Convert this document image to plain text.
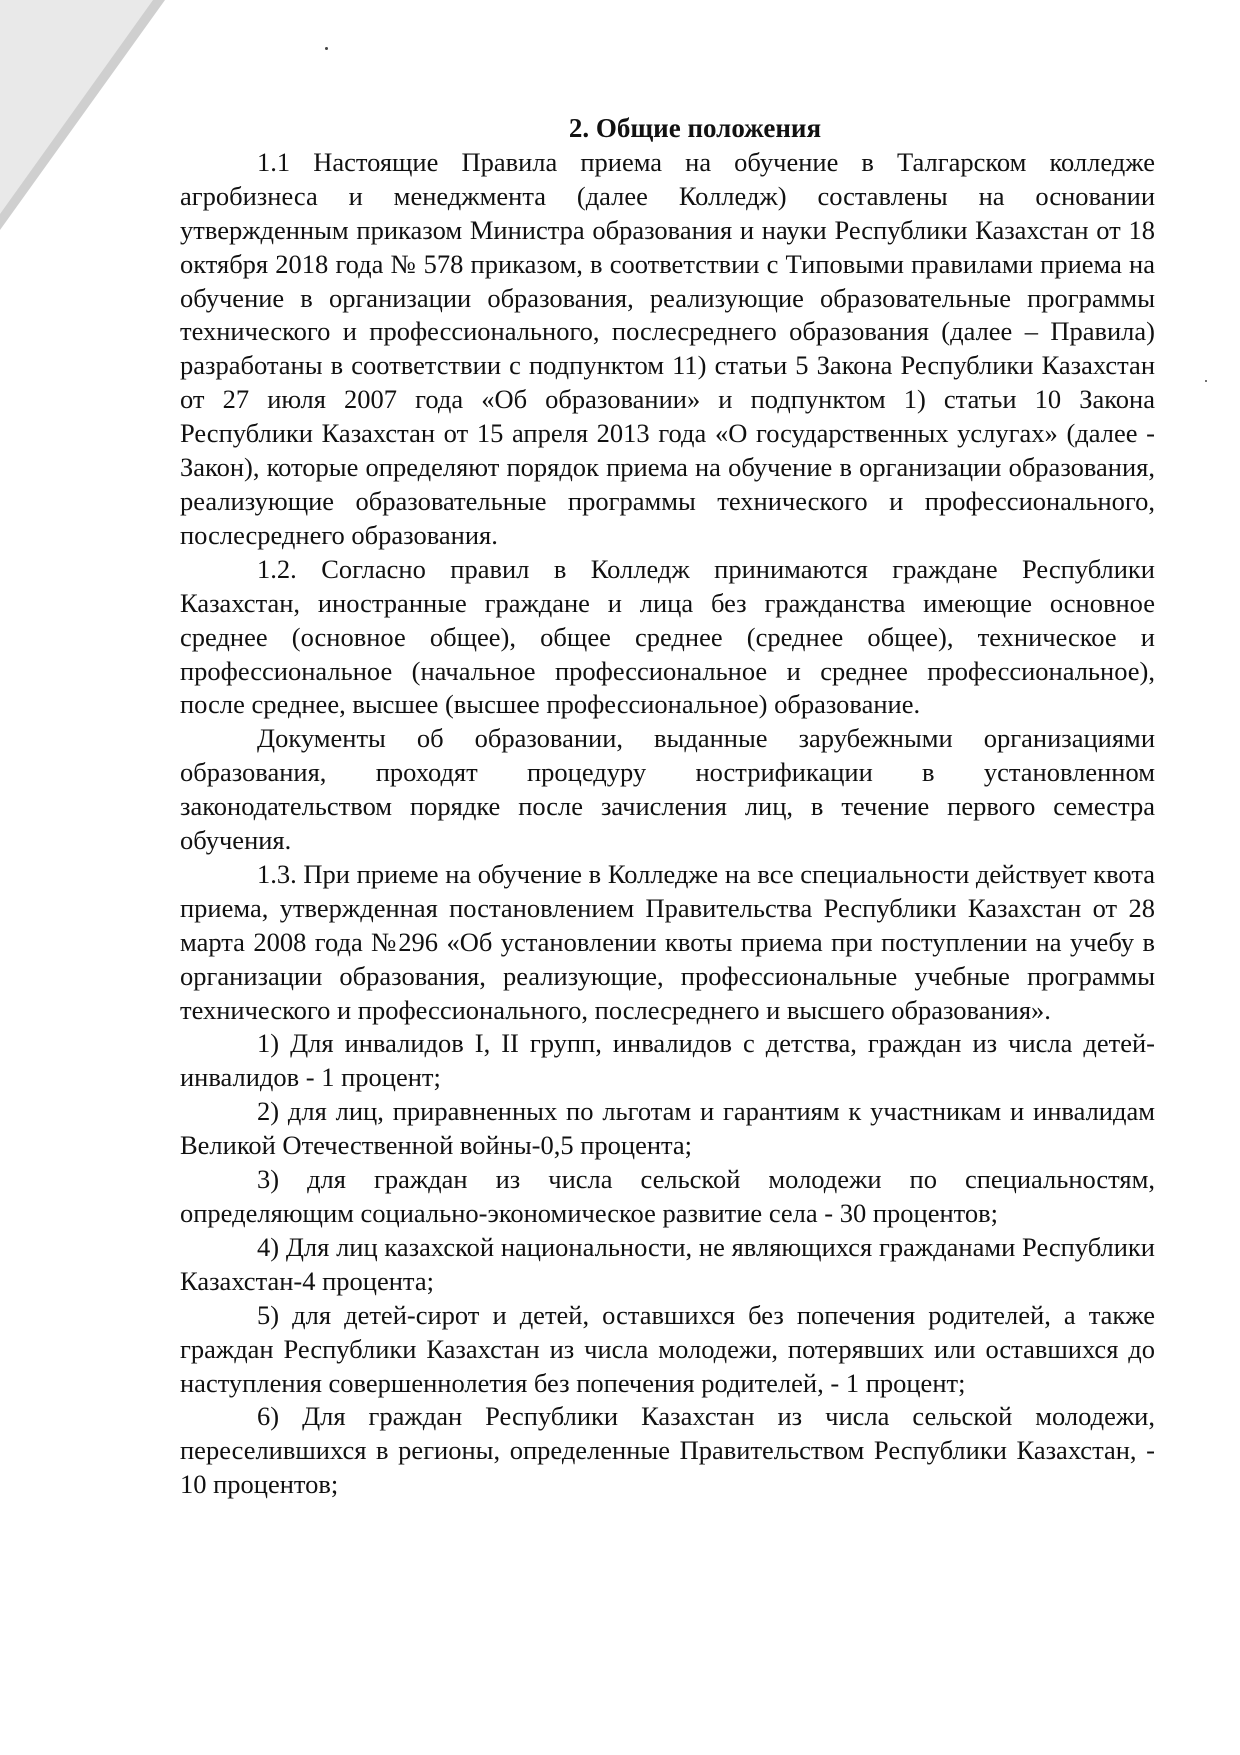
2. Общие положения

1.1 Настоящие Правила приема на обучение в Талгарском колледже агробизнеса и менеджмента (далее Колледж) составлены на основании утвержденным приказом Министра образования и науки Республики Казахстан от 18 октября 2018 года № 578 приказом, в соответствии с Типовыми правилами приема на обучение в организации образования, реализующие образовательные программы технического и профессионального, послесреднего образования (далее – Правила) разработаны в соответствии с подпунктом 11) статьи 5 Закона Республики Казахстан от 27 июля 2007 года «Об образовании» и подпунктом 1) статьи 10 Закона Республики Казахстан от 15 апреля 2013 года «О государственных услугах» (далее - Закон), которые определяют порядок приема на обучение в организации образования, реализующие образовательные программы технического и профессионального, послесреднего образования.

1.2. Согласно правил в Колледж принимаются граждане Республики Казахстан, иностранные граждане и лица без гражданства имеющие основное среднее (основное общее), общее среднее (среднее общее), техническое и профессиональное (начальное профессиональное и среднее профессиональное), после среднее, высшее (высшее профессиональное) образование.

Документы об образовании, выданные зарубежными организациями образования, проходят процедуру нострификации в установленном законодательством порядке после зачисления лиц, в течение первого семестра обучения.

1.3. При приеме на обучение в Колледже на все специальности действует квота приема, утвержденная постановлением Правительства Республики Казахстан от 28 марта 2008 года №296 «Об установлении квоты приема при поступлении на учебу в организации образования, реализующие, профессиональные учебные программы технического и профессионального, послесреднего и высшего образования».

1) Для инвалидов I, II групп, инвалидов с детства, граждан из числа детей-инвалидов - 1 процент;

2) для лиц, приравненных по льготам и гарантиям к участникам и инвалидам Великой Отечественной войны-0,5 процента;

3) для граждан из числа сельской молодежи по специальностям, определяющим социально-экономическое развитие села - 30 процентов;

4) Для лиц казахской национальности, не являющихся гражданами Республики Казахстан-4 процента;

5) для детей-сирот и детей, оставшихся без попечения родителей, а также граждан Республики Казахстан из числа молодежи, потерявших или оставшихся до наступления совершеннолетия без попечения родителей, - 1 процент;

6) Для граждан Республики Казахстан из числа сельской молодежи, переселившихся в регионы, определенные Правительством Республики Казахстан, - 10 процентов;
